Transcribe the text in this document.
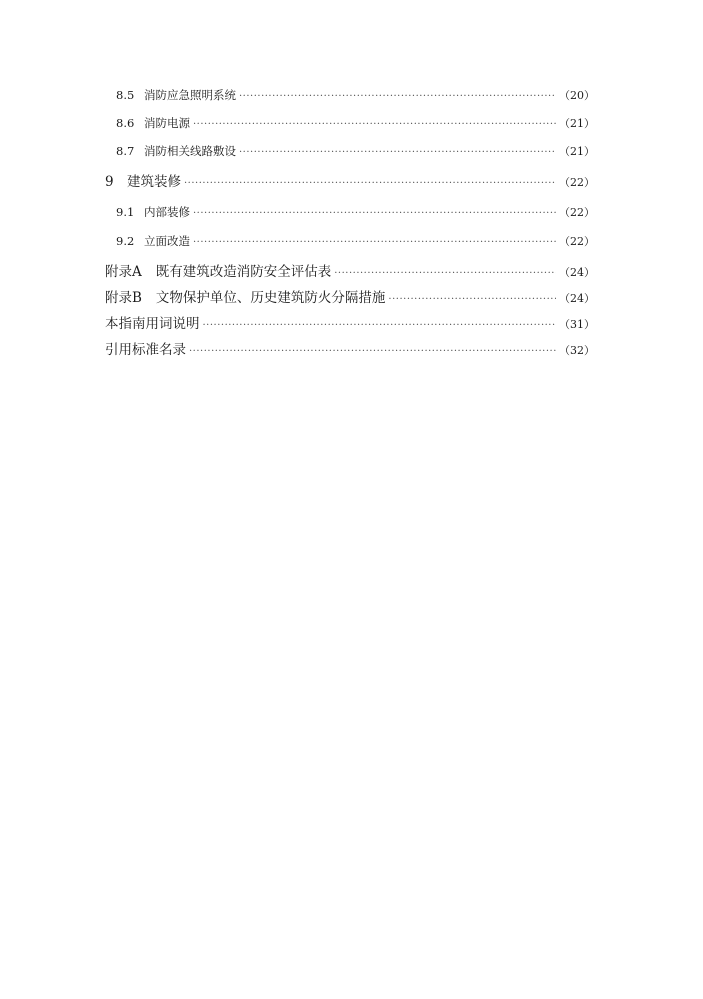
8.5 消防应急照明系统 ·····	（20）
8.6 消防电源 ·····	（21）
8.7 消防相关线路敷设 ·····	（21）
9 建筑装修 ·····	（22）
9.1 内部装修 ·····	（22）
9.2 立面改造 ·····	（22）
附录A 既有建筑改造消防安全评估表 ·····	（24）
附录B 文物保护单位、历史建筑防火分隔措施 ·····	（24）
本指南用词说明 ·····	（31）
引用标准名录 ·····	（32）
